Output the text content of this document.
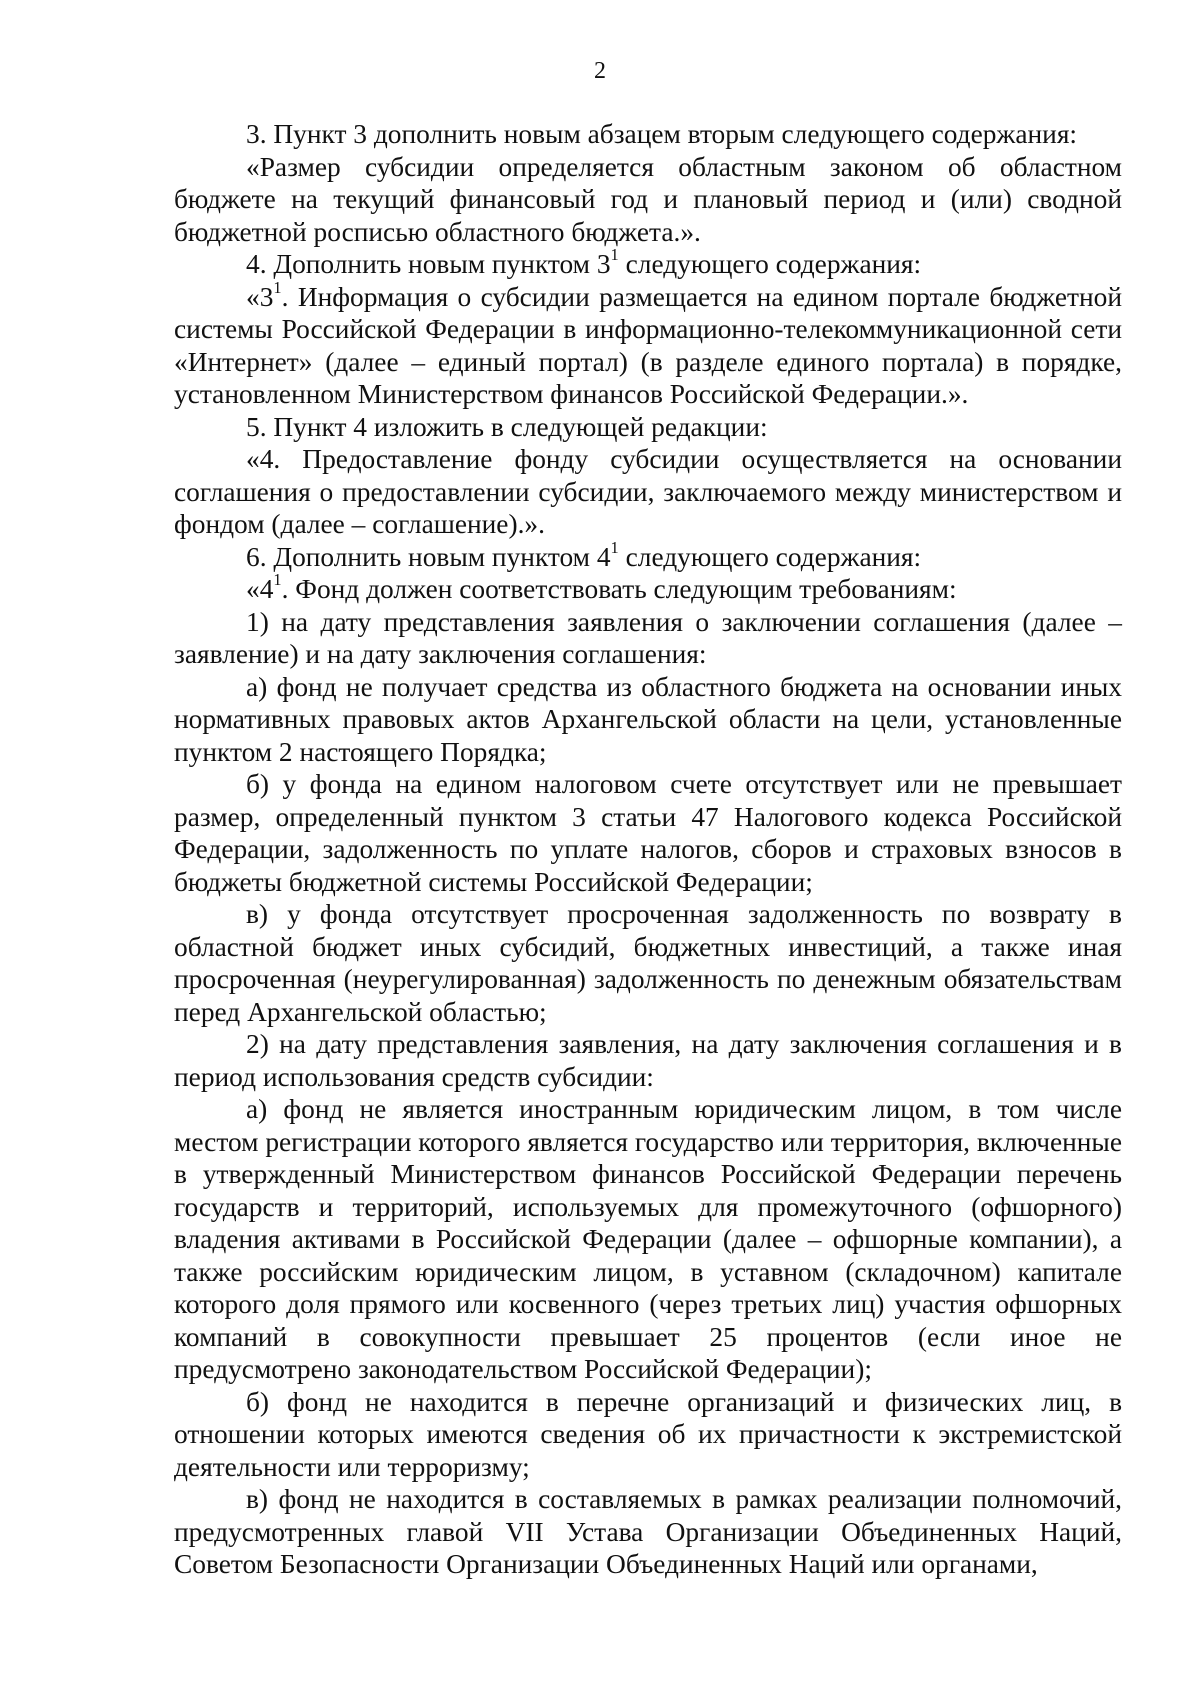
2

3. Пункт 3 дополнить новым абзацем вторым следующего содержания:

«Размер субсидии определяется областным законом об областном бюджете на текущий финансовый год и плановый период и (или) сводной бюджетной росписью областного бюджета.».

4. Дополнить новым пунктом $3^1$ следующего содержания:

«$3^1$. Информация о субсидии размещается на едином портале бюджетной системы Российской Федерации в информационно-телекоммуникационной сети «Интернет» (далее – единый портал) (в разделе единого портала) в порядке, установленном Министерством финансов Российской Федерации.».

5. Пункт 4 изложить в следующей редакции:

«4. Предоставление фонду субсидии осуществляется на основании соглашения о предоставлении субсидии, заключаемого между министерством и фондом (далее – соглашение).».

6. Дополнить новым пунктом $4^1$ следующего содержания:

«$4^1$. Фонд должен соответствовать следующим требованиям:

1) на дату представления заявления о заключении соглашения (далее – заявление) и на дату заключения соглашения:

а) фонд не получает средства из областного бюджета на основании иных нормативных правовых актов Архангельской области на цели, установленные пунктом 2 настоящего Порядка;

б) у фонда на едином налоговом счете отсутствует или не превышает размер, определенный пунктом 3 статьи 47 Налогового кодекса Российской Федерации, задолженность по уплате налогов, сборов и страховых взносов в бюджеты бюджетной системы Российской Федерации;

в) у фонда отсутствует просроченная задолженность по возврату в областной бюджет иных субсидий, бюджетных инвестиций, а также иная просроченная (неурегулированная) задолженность по денежным обязательствам перед Архангельской областью;

2) на дату представления заявления, на дату заключения соглашения и в период использования средств субсидии:

а) фонд не является иностранным юридическим лицом, в том числе местом регистрации которого является государство или территория, включенные в утвержденный Министерством финансов Российской Федерации перечень государств и территорий, используемых для промежуточного (офшорного) владения активами в Российской Федерации (далее – офшорные компании), а также российским юридическим лицом, в уставном (складочном) капитале которого доля прямого или косвенного (через третьих лиц) участия офшорных компаний в совокупности превышает 25 процентов (если иное не предусмотрено законодательством Российской Федерации);

б) фонд не находится в перечне организаций и физических лиц, в отношении которых имеются сведения об их причастности к экстремистской деятельности или терроризму;

в) фонд не находится в составляемых в рамках реализации полномочий, предусмотренных главой VII Устава Организации Объединенных Наций, Советом Безопасности Организации Объединенных Наций или органами,
